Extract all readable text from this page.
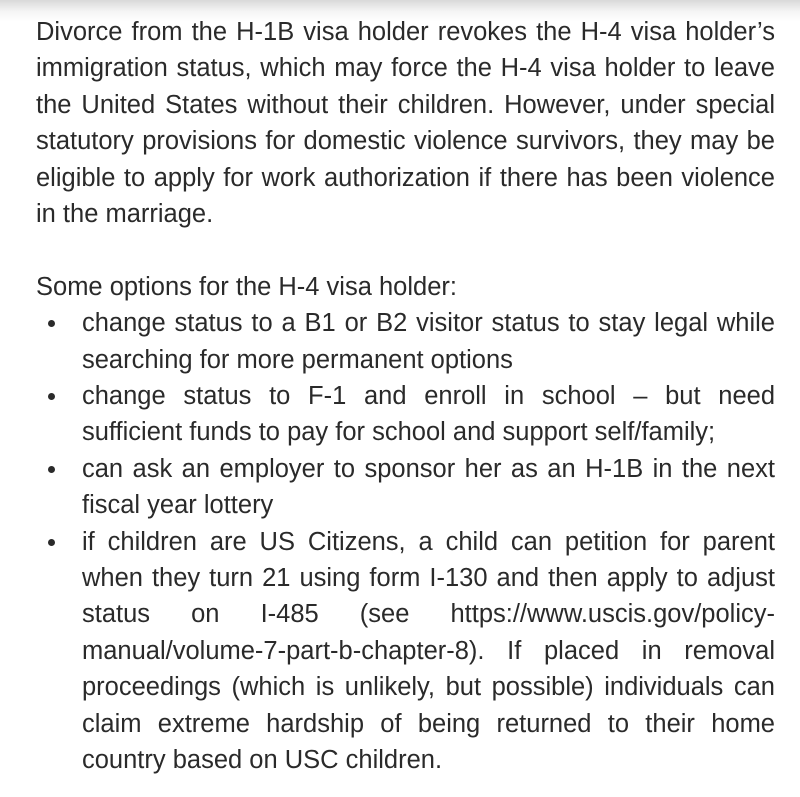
Divorce from the H-1B visa holder revokes the H-4 visa holder’s immigration status, which may force the H-4 visa holder to leave the United States without their children. However, under special statutory provisions for domestic violence survivors, they may be eligible to apply for work authorization if there has been violence in the marriage.

Some options for the H-4 visa holder:

change status to a B1 or B2 visitor status to stay legal while searching for more permanent options
change status to F-1 and enroll in school – but need sufficient funds to pay for school and support self/family;
can ask an employer to sponsor her as an H-1B in the next fiscal year lottery
if children are US Citizens, a child can petition for parent when they turn 21 using form I-130 and then apply to adjust status on I-485 (see https://www.uscis.gov/policy-manual/volume-7-part-b-chapter-8). If placed in removal proceedings (which is unlikely, but possible) individuals can claim extreme hardship of being returned to their home country based on USC children.
